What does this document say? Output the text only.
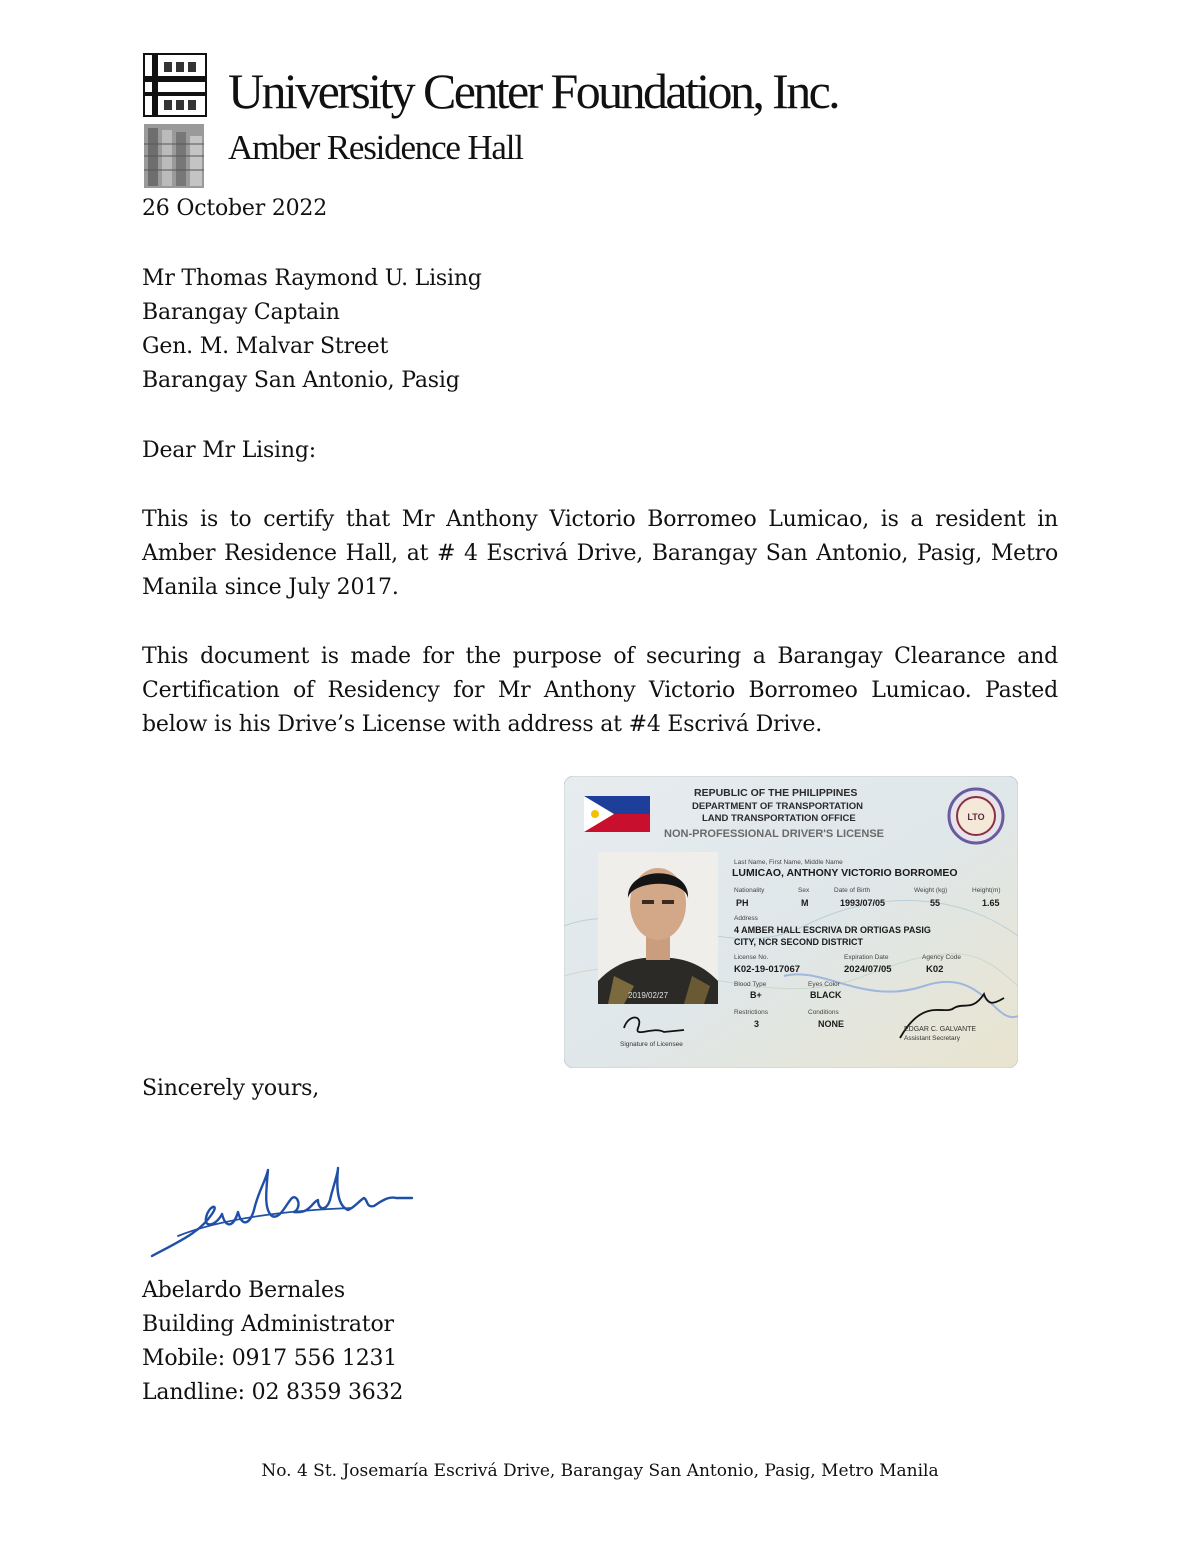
University Center Foundation, Inc.
Amber Residence Hall
26 October 2022
Mr Thomas Raymond U. Lising
Barangay Captain
Gen. M. Malvar Street
Barangay San Antonio, Pasig
Dear Mr Lising:
This is to certify that Mr Anthony Victorio Borromeo Lumicao, is a resident in Amber Residence Hall, at # 4 Escrivá Drive, Barangay San Antonio, Pasig, Metro Manila since July 2017.
This document is made for the purpose of securing a Barangay Clearance and Certification of Residency for Mr Anthony Victorio Borromeo Lumicao. Pasted below is his Drive’s License with address at #4 Escrivá Drive.
REPUBLIC OF THE PHILIPPINES
DEPARTMENT OF TRANSPORTATION
LAND TRANSPORTATION OFFICE
NON-PROFESSIONAL DRIVER'S LICENSE
LTO
2019/02/27
Last Name, First Name, Middle Name
LUMICAO, ANTHONY VICTORIO BORROMEO
Nationality	Sex	Date of Birth	Weight (kg)	Height(m)
PH	M	1993/07/05	55	1.65
Address
4 AMBER HALL ESCRIVA DR ORTIGAS PASIG
CITY, NCR SECOND DISTRICT
License No.	Expiration Date	Agency Code
K02-19-017067	2024/07/05	K02
Blood Type	Eyes Color
B+	BLACK
Restrictions	Conditions
3	NONE
Signature of Licensee
EDGAR C. GALVANTE
Assistant Secretary
Sincerely yours,
Abelardo Bernales
Building Administrator
Mobile: 0917 556 1231
Landline: 02 8359 3632
No. 4 St. Josemaría Escrivá Drive, Barangay San Antonio, Pasig, Metro Manila
